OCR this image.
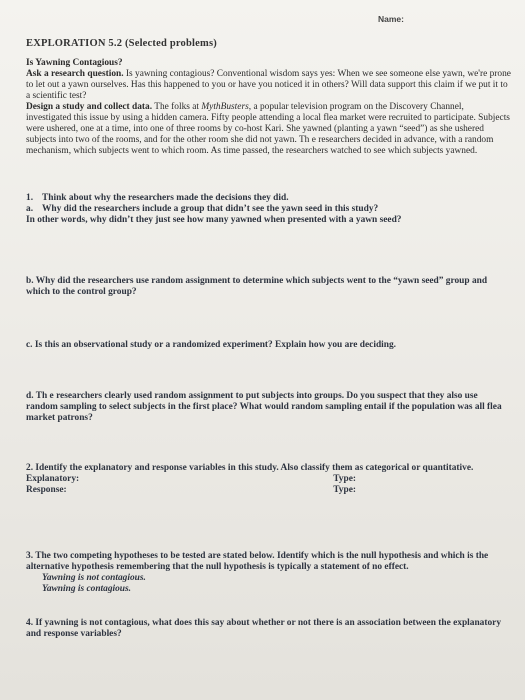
Name:
EXPLORATION 5.2 (Selected problems)
Is Yawning Contagious?
Ask a research question. Is yawning contagious? Conventional wisdom says yes: When we see someone else yawn, we're prone to let out a yawn ourselves. Has this happened to you or have you noticed it in others? Will data support this claim if we put it to a scientific test?
Design a study and collect data. The folks at MythBusters, a popular television program on the Discovery Channel, investigated this issue by using a hidden camera. Fifty people attending a local flea market were recruited to participate. Subjects were ushered, one at a time, into one of three rooms by co-host Kari. She yawned (planting a yawn “seed”) as she ushered subjects into two of the rooms, and for the other room she did not yawn. Th e researchers decided in advance, with a random mechanism, which subjects went to which room. As time passed, the researchers watched to see which subjects yawned.
1. Think about why the researchers made the decisions they did.
a. Why did the researchers include a group that didn’t see the yawn seed in this study?
In other words, why didn’t they just see how many yawned when presented with a yawn seed?
b. Why did the researchers use random assignment to determine which subjects went to the “yawn seed” group and which to the control group?
c. Is this an observational study or a randomized experiment? Explain how you are deciding.
d. Th e researchers clearly used random assignment to put subjects into groups. Do you suspect that they also use random sampling to select subjects in the first place? What would random sampling entail if the population was all flea market patrons?
2. Identify the explanatory and response variables in this study. Also classify them as categorical or quantitative.
Explanatory:	Type:
Response:	Type:
3. The two competing hypotheses to be tested are stated below. Identify which is the null hypothesis and which is the alternative hypothesis remembering that the null hypothesis is typically a statement of no effect.
Yawning is not contagious.
Yawning is contagious.
4. If yawning is not contagious, what does this say about whether or not there is an association between the explanatory and response variables?
